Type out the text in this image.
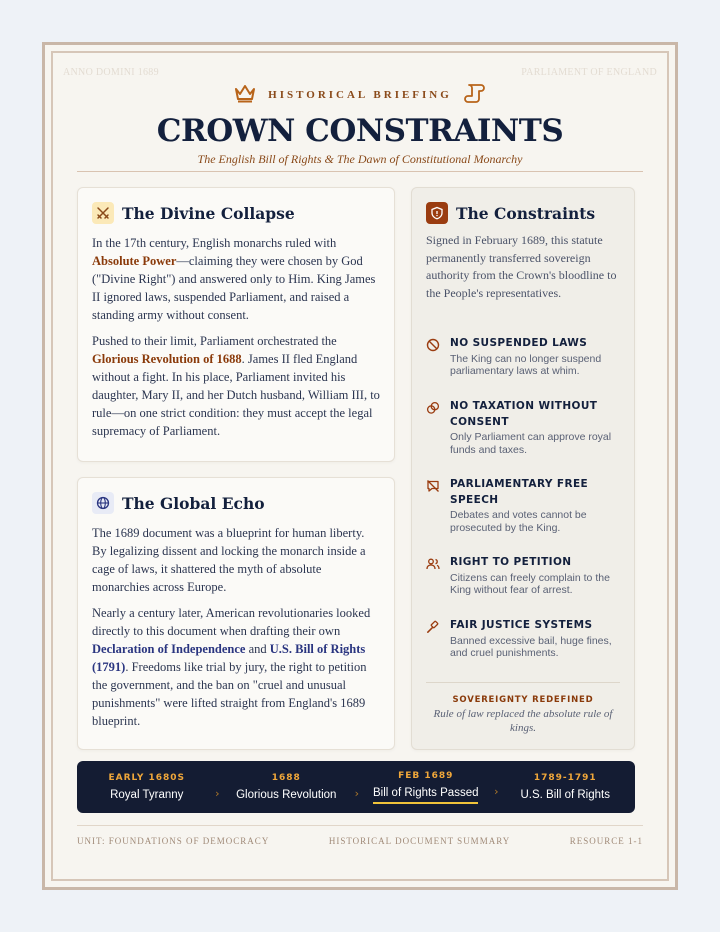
ANNO DOMINI 1689	PARLIAMENT OF ENGLAND
HISTORICAL BRIEFING
CROWN CONSTRAINTS
The English Bill of Rights & The Dawn of Constitutional Monarchy
The Divine Collapse

In the 17th century, English monarchs ruled with Absolute Power—claiming they were chosen by God ("Divine Right") and answered only to Him. King James II ignored laws, suspended Parliament, and raised a standing army without consent.

Pushed to their limit, Parliament orchestrated the Glorious Revolution of 1688. James II fled England without a fight. In his place, Parliament invited his daughter, Mary II, and her Dutch husband, William III, to rule—on one strict condition: they must accept the legal supremacy of Parliament.

The Global Echo

The 1689 document was a blueprint for human liberty. By legalizing dissent and locking the monarch inside a cage of laws, it shattered the myth of absolute monarchies across Europe.

Nearly a century later, American revolutionaries looked directly to this document when drafting their own Declaration of Independence and U.S. Bill of Rights (1791). Freedoms like trial by jury, the right to petition the government, and the ban on "cruel and unusual punishments" were lifted straight from England's 1689 blueprint.

The Constraints

Signed in February 1689, this statute permanently transferred sovereign authority from the Crown's bloodline to the People's representatives.

NO SUSPENDED LAWS
The King can no longer suspend parliamentary laws at whim.
NO TAXATION WITHOUT CONSENT
Only Parliament can approve royal funds and taxes.
PARLIAMENTARY FREE SPEECH
Debates and votes cannot be prosecuted by the King.
RIGHT TO PETITION
Citizens can freely complain to the King without fear of arrest.
FAIR JUSTICE SYSTEMS
Banned excessive bail, huge fines, and cruel punishments.
SOVEREIGNTY REDEFINED
Rule of law replaced the absolute rule of kings.
EARLY 1680S
Royal Tyranny	›
1688
Glorious Revolution ›
FEB 1689
Bill of Rights Passed ›
1789-1791
U.S. Bill of Rights
UNIT: FOUNDATIONS OF DEMOCRACY	HISTORICAL DOCUMENT SUMMARY	RESOURCE 1-1
